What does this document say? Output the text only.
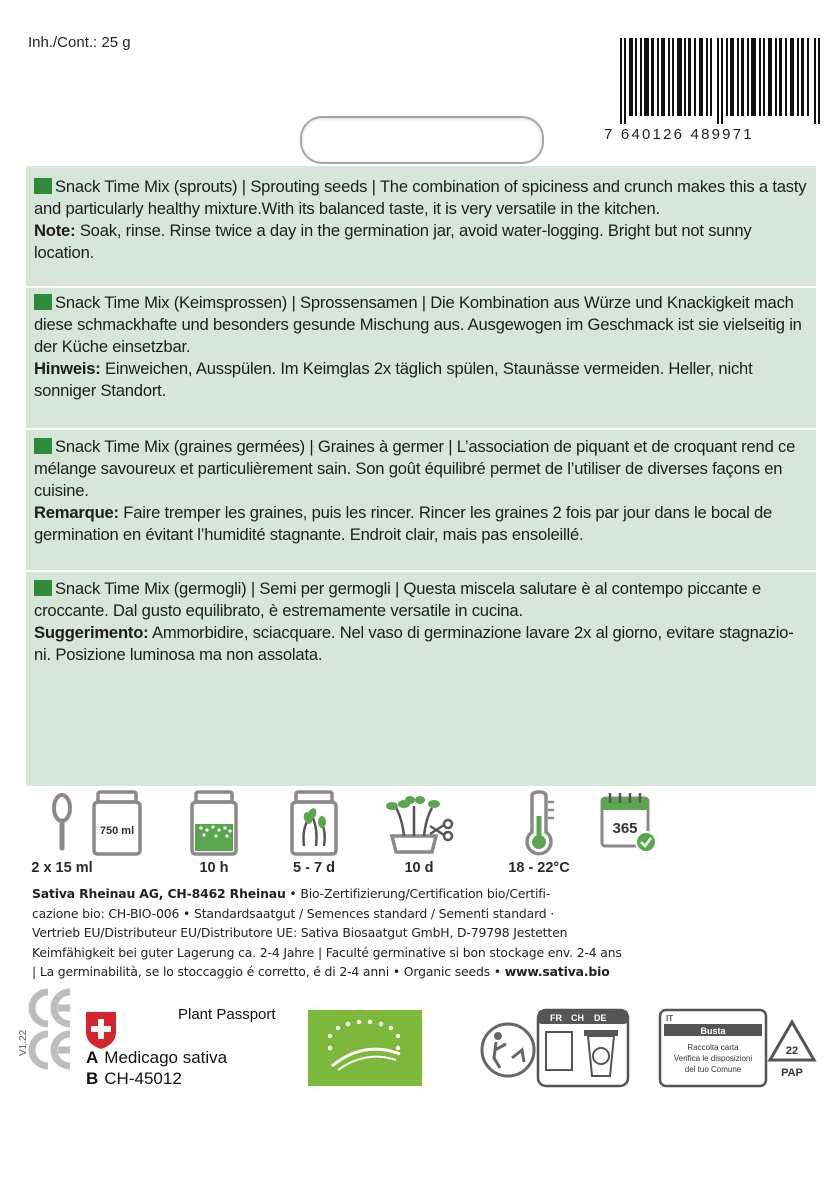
Inh./Cont.: 25 g
7 640126 489971
Snack Time Mix (sprouts) | Sprouting seeds | The combination of spiciness and crunch makes this a tasty and particularly healthy mixture.With its balanced taste, it is very versatile in the kitchen.
Note: Soak, rinse. Rinse twice a day in the germination jar, avoid water-logging. Bright but not sunny location.
Snack Time Mix (Keimsprossen) | Sprossensamen | Die Kombination aus Würze und Knackigkeit mach diese schmackhafte und besonders gesunde Mischung aus. Ausgewogen im Geschmack ist sie vielseitig in der Küche einsetzbar.
Hinweis: Einweichen, Ausspülen. Im Keimglas 2x täglich spülen, Staunässe vermeiden. Heller, nicht sonniger Standort.
Snack Time Mix (graines germées) | Graines à germer | L’association de piquant et de croquant rend ce mélange savoureux et particulièrement sain. Son goût équilibré permet de l’utiliser de diverses façons en cuisine.
Remarque: Faire tremper les graines, puis les rincer. Rincer les graines 2 fois par jour dans le bocal de germination en évitant l’humidité stagnante. Endroit clair, mais pas ensoleillé.
Snack Time Mix (germogli) | Semi per germogli | Questa miscela salutare è al contempo piccante e croccante. Dal gusto equilibrato, è estremamente versatile in cucina.
Suggerimento: Ammorbidire, sciacquare. Nel vaso di germinazione lavare 2x al giorno, evitare stagnazio-ni. Posizione luminosa ma non assolata.
2 x 15 ml
750 ml
10 h	5 - 7 d	10 d	18 - 22°C
365
Sativa Rheinau AG, CH-8462 Rheinau • Bio-Zertifizierung/Certification bio/Certifi-
cazione bio: CH-BIO-006 • Standardsaatgut / Semences standard / Sementi standard ·
Vertrieb EU/Distributeur EU/Distributore UE: Sativa Biosaatgut GmbH, D-79798 Jestetten
Keimfähigkeit bei guter Lagerung ca. 2-4 Jahre | Faculté germinative si bon stockage env. 2-4 ans
| La germinabilità, se lo stoccaggio é corretto, é di 2-4 anni • Organic seeds • www.sativa.bio
V1.22
Plant Passport
A Medicago sativa
B CH-45012
FR CH DE	IT
Busta
Raccolta carta
Verifica le disposizioni
del tuo Comune
22
PAP
